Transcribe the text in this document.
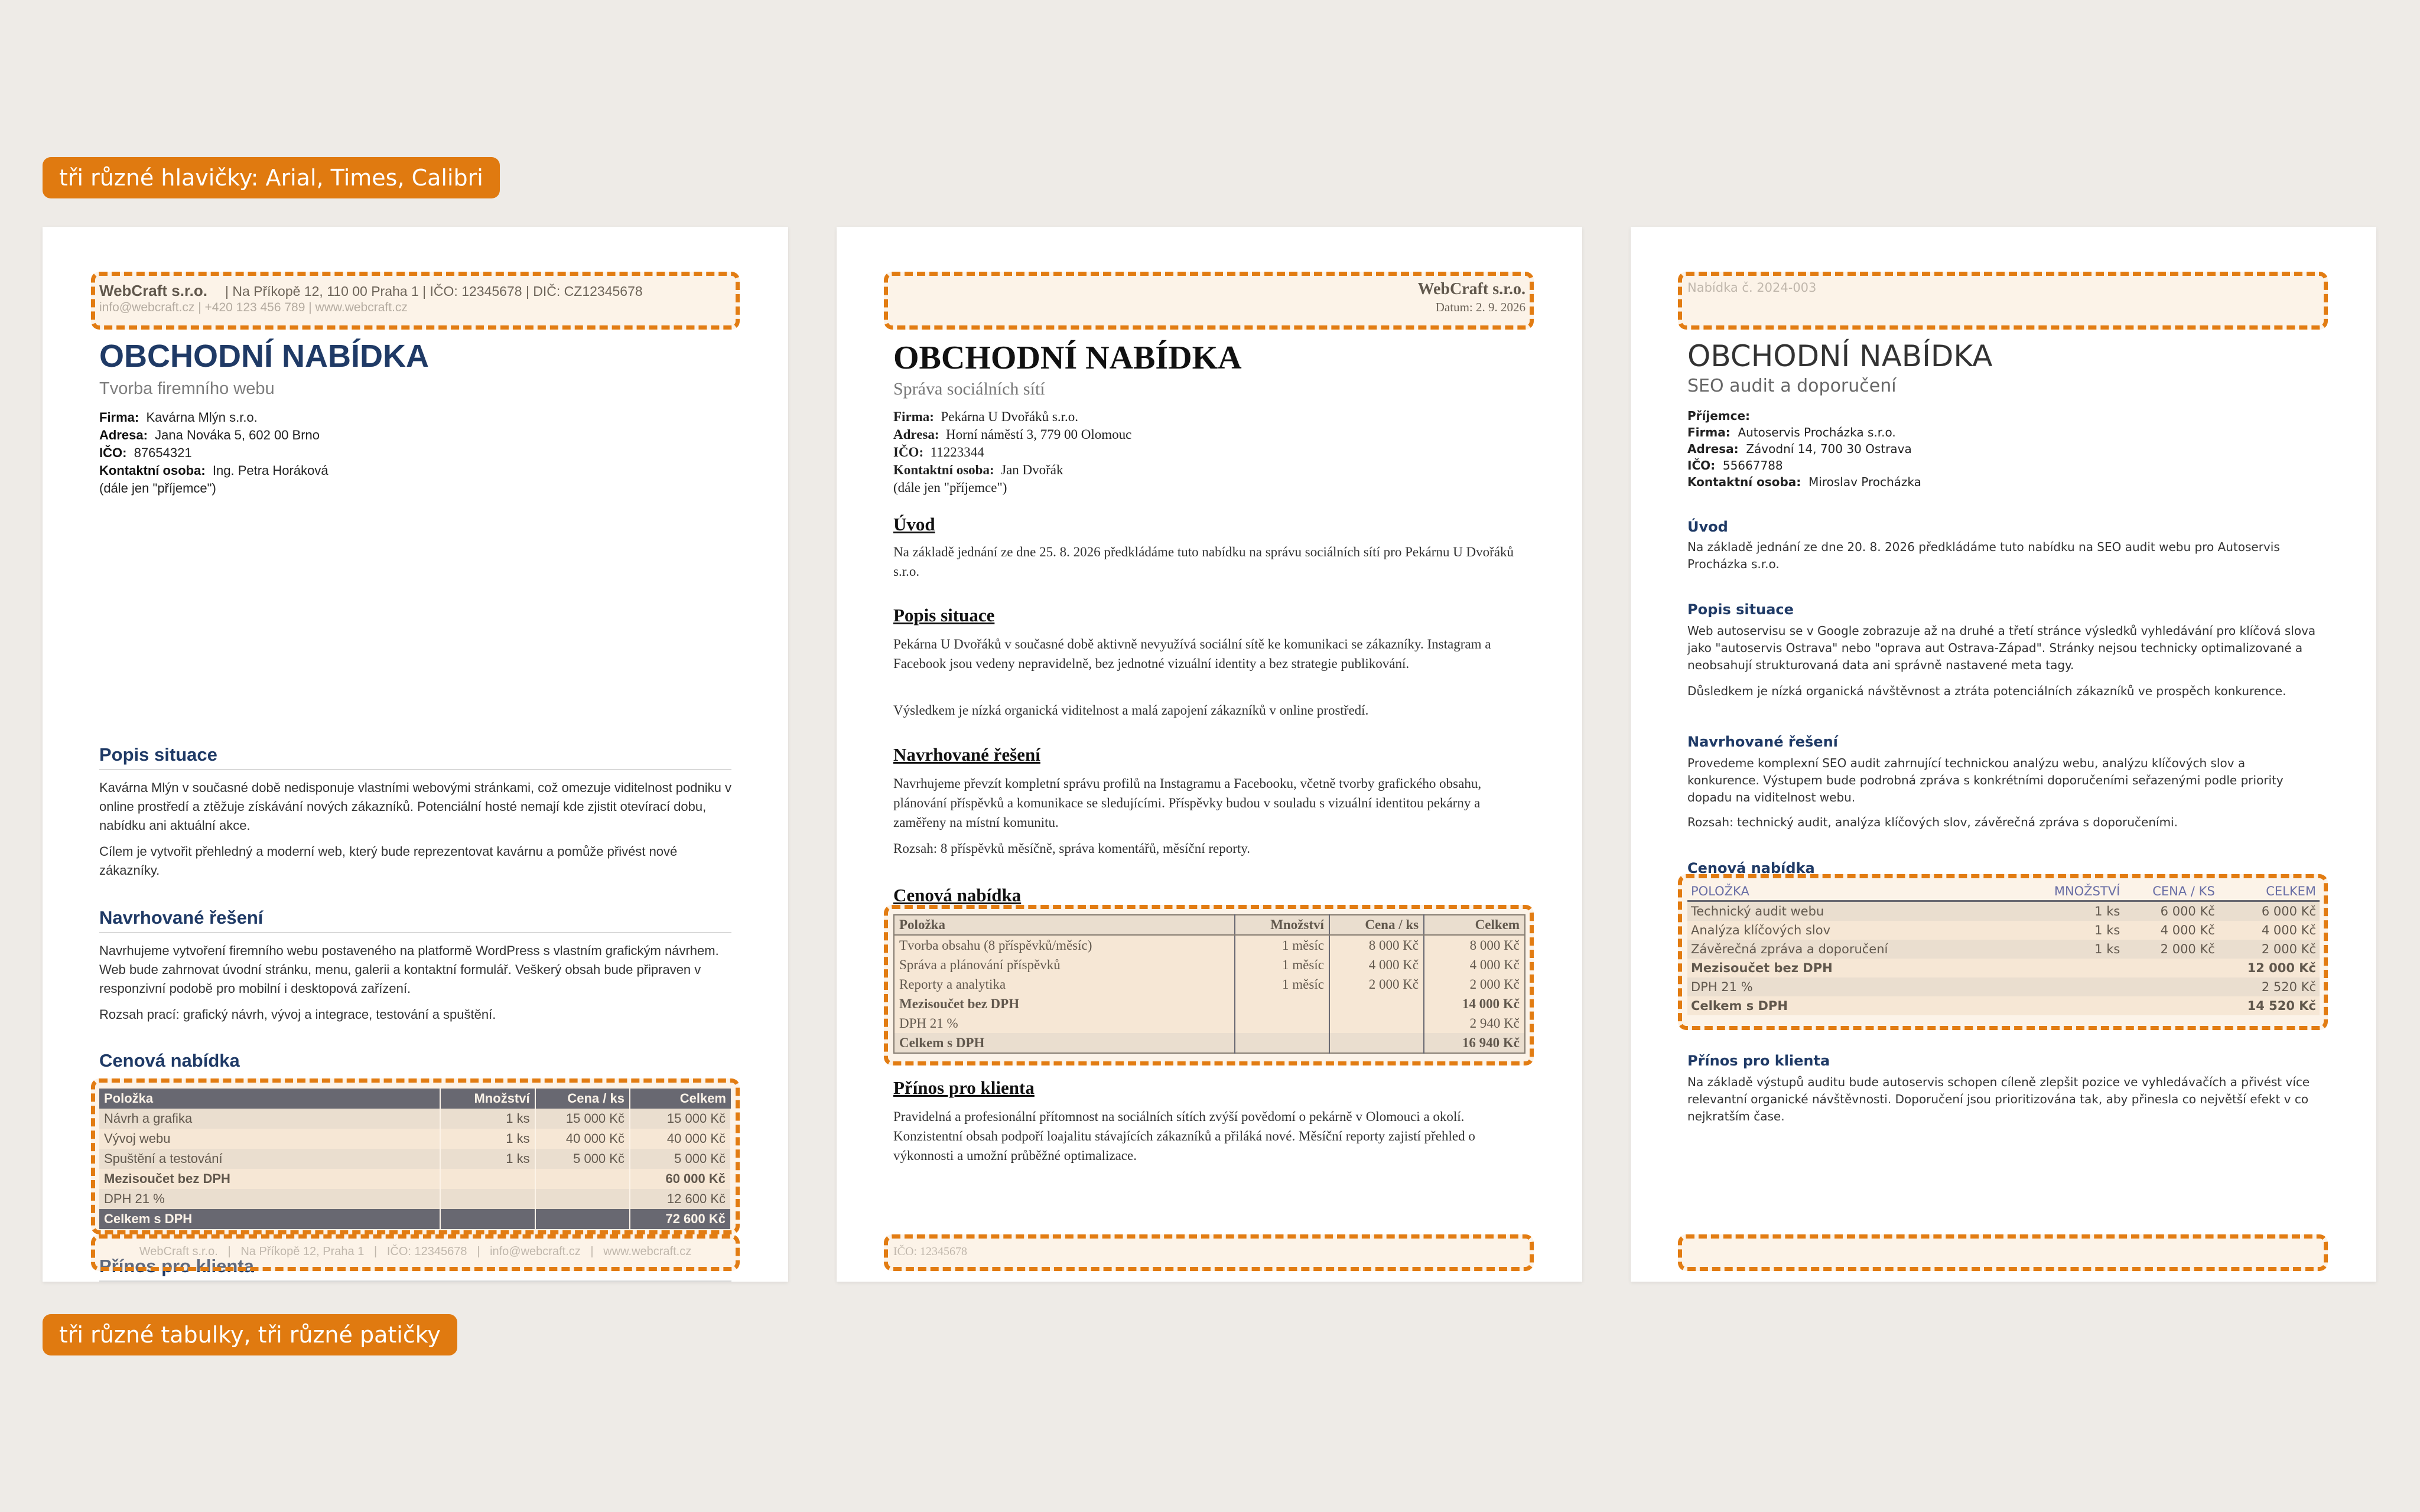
tři různé hlavičky: Arial, Times, Calibri
tři různé tabulky, tři různé patičky
WebCraft s.r.o. | Na Příkopě 12, 110 00 Praha 1 | IČO: 12345678 | DIČ: CZ12345678
info@webcraft.cz | +420 123 456 789 | www.webcraft.cz
OBCHODNÍ NABÍDKA
Tvorba firemního webu
Firma: Kavárna Mlýn s.r.o.
Adresa: Jana Nováka 5, 602 00 Brno
IČO: 87654321
Kontaktní osoba: Ing. Petra Horáková
(dále jen "příjemce")
Popis situace

Kavárna Mlýn v současné době nedisponuje vlastními webovými stránkami, což omezuje viditelnost podniku v online prostředí a ztěžuje získávání nových zákazníků. Potenciální hosté nemají kde zjistit otevírací dobu, nabídku ani aktuální akce.

Cílem je vytvořit přehledný a moderní web, který bude reprezentovat kavárnu a pomůže přivést nové zákazníky.

Navrhované řešení

Navrhujeme vytvoření firemního webu postaveného na platformě WordPress s vlastním grafickým návrhem. Web bude zahrnovat úvodní stránku, menu, galerii a kontaktní formulář. Veškerý obsah bude připraven v responzivní podobě pro mobilní i desktopová zařízení.

Rozsah prací: grafický návrh, vývoj a integrace, testování a spuštění.

Cenová nabídka
Položka	Množství	Cena / ks	Celkem
Návrh a grafika	1 ks	15 000 Kč	15 000 Kč
Vývoj webu	1 ks	40 000 Kč	40 000 Kč
Spuštění a testování	1 ks	5 000 Kč	5 000 Kč
Mezisoučet bez DPH			60 000 Kč
DPH 21 %			12 600 Kč
Celkem s DPH			72 600 Kč
Přínos pro klienta

WebCraft s.r.o.   |   Na Příkopě 12, Praha 1   |   IČO: 12345678   |   info@webcraft.cz   |   www.webcraft.cz
WebCraft s.r.o.
Datum: 2. 9. 2026
OBCHODNÍ NABÍDKA
Správa sociálních sítí
Firma: Pekárna U Dvořáků s.r.o.
Adresa: Horní náměstí 3, 779 00 Olomouc
IČO: 11223344
Kontaktní osoba: Jan Dvořák
(dále jen "příjemce")
Úvod

Na základě jednání ze dne 25. 8. 2026 předkládáme tuto nabídku na správu sociálních sítí pro Pekárnu U Dvořáků s.r.o.

Popis situace

Pekárna U Dvořáků v současné době aktivně nevyužívá sociální sítě ke komunikaci se zákazníky. Instagram a Facebook jsou vedeny nepravidelně, bez jednotné vizuální identity a bez strategie publikování.

Výsledkem je nízká organická viditelnost a malá zapojení zákazníků v online prostředí.

Navrhované řešení

Navrhujeme převzít kompletní správu profilů na Instagramu a Facebooku, včetně tvorby grafického obsahu, plánování příspěvků a komunikace se sledujícími. Příspěvky budou v souladu s vizuální identitou pekárny a zaměřeny na místní komunitu.

Rozsah: 8 příspěvků měsíčně, správa komentářů, měsíční reporty.

Cenová nabídka
Položka	Množství	Cena / ks	Celkem
Tvorba obsahu (8 příspěvků/měsíc)	1 měsíc	8 000 Kč	8 000 Kč
Správa a plánování příspěvků	1 měsíc	4 000 Kč	4 000 Kč
Reporty a analytika	1 měsíc	2 000 Kč	2 000 Kč
Mezisoučet bez DPH			14 000 Kč
DPH 21 %			2 940 Kč
Celkem s DPH			16 940 Kč
Přínos pro klienta

Pravidelná a profesionální přítomnost na sociálních sítích zvýší povědomí o pekárně v Olomouci a okolí. Konzistentní obsah podpoří loajalitu stávajících zákazníků a přiláká nové. Měsíční reporty zajistí přehled o výkonnosti a umožní průběžné optimalizace.

IČO: 12345678
Nabídka č. 2024-003
OBCHODNÍ NABÍDKA
SEO audit a doporučení
Příjemce:
Firma: Autoservis Procházka s.r.o.
Adresa: Závodní 14, 700 30 Ostrava
IČO: 55667788
Kontaktní osoba: Miroslav Procházka
Úvod

Na základě jednání ze dne 20. 8. 2026 předkládáme tuto nabídku na SEO audit webu pro Autoservis Procházka s.r.o.

Popis situace

Web autoservisu se v Google zobrazuje až na druhé a třetí stránce výsledků vyhledávání pro klíčová slova jako "autoservis Ostrava" nebo "oprava aut Ostrava-Západ". Stránky nejsou technicky optimalizované a neobsahují strukturovaná data ani správně nastavené meta tagy.

Důsledkem je nízká organická návštěvnost a ztráta potenciálních zákazníků ve prospěch konkurence.

Navrhované řešení

Provedeme komplexní SEO audit zahrnující technickou analýzu webu, analýzu klíčových slov a konkurence. Výstupem bude podrobná zpráva s konkrétními doporučeními seřazenými podle priority dopadu na viditelnost webu.

Rozsah: technický audit, analýza klíčových slov, závěrečná zpráva s doporučeními.

Cenová nabídka
POLOŽKA	MNOŽSTVÍ	CENA / KS	CELKEM
Technický audit webu	1 ks	6 000 Kč	6 000 Kč
Analýza klíčových slov	1 ks	4 000 Kč	4 000 Kč
Závěrečná zpráva a doporučení	1 ks	2 000 Kč	2 000 Kč
Mezisoučet bez DPH			12 000 Kč
DPH 21 %			2 520 Kč
Celkem s DPH			14 520 Kč
Přínos pro klienta

Na základě výstupů auditu bude autoservis schopen cíleně zlepšit pozice ve vyhledávačích a přivést více relevantní organické návštěvnosti. Doporučení jsou prioritizována tak, aby přinesla co největší efekt v co nejkratším čase.
